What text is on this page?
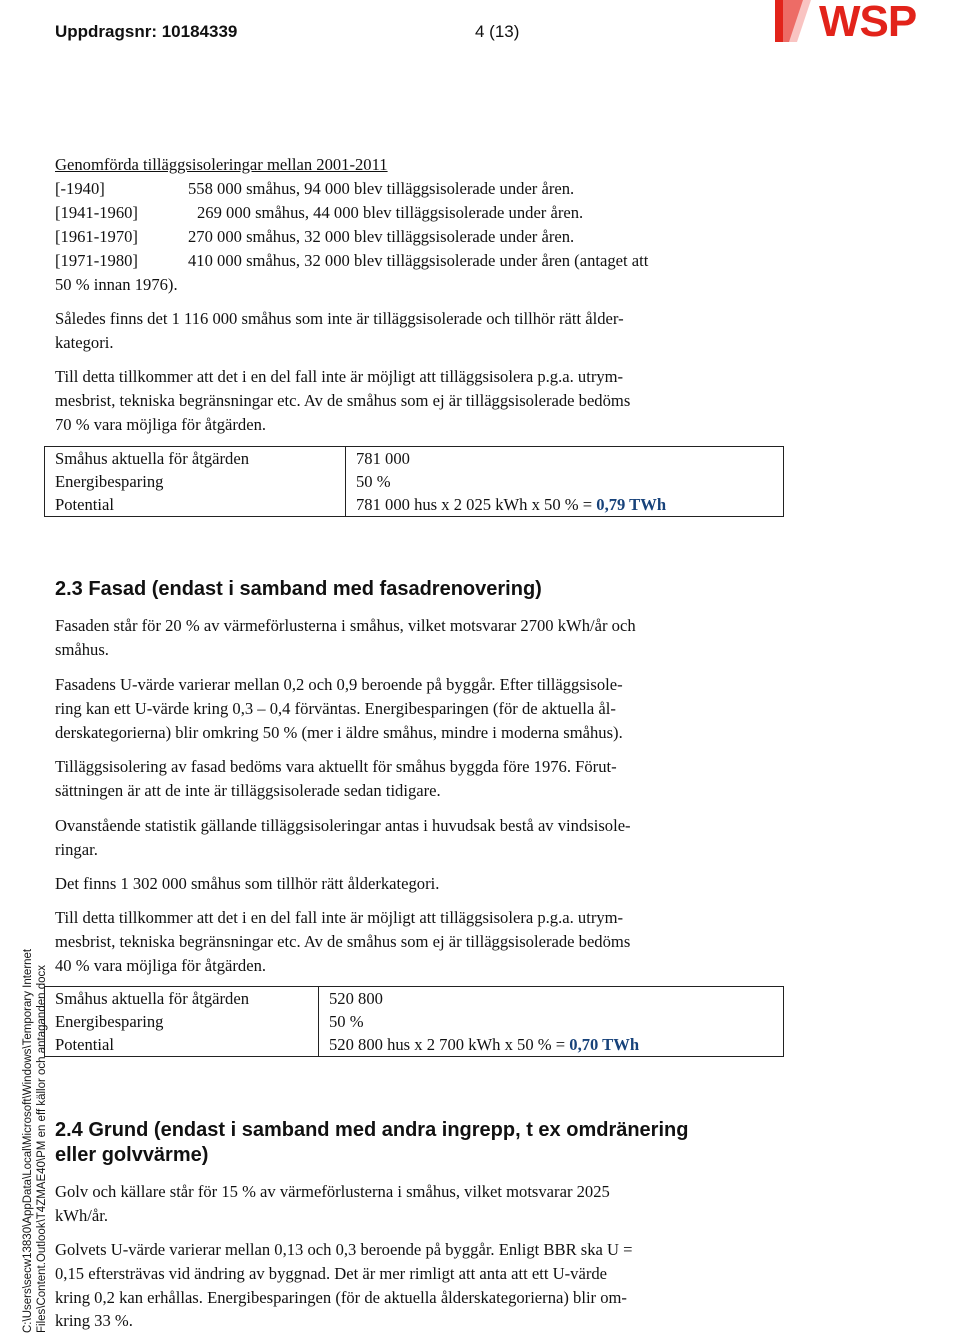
Uppdragsnr: 10184339	4 (13)	WSP
C:\Users\secw13830\AppData\Local\Microsoft\Windows\Temporary Internet Files\Content.Outlook\T4ZMAE40\PM en eff källor och antaganden.docx
Genomförda tilläggsisoleringar mellan 2001-2011
[-1940]	558 000 småhus, 94 000 blev tilläggsisolerade under åren.
[1941-1960]	269 000 småhus, 44 000 blev tilläggsisolerade under åren.
[1961-1970]	270 000 småhus, 32 000 blev tilläggsisolerade under åren.
[1971-1980]	410 000 småhus, 32 000 blev tilläggsisolerade under åren (antaget att
50 % innan 1976).
Således finns det 1 116 000 småhus som inte är tilläggsisolerade och tillhör rätt ålder-
kategori.
Till detta tillkommer att det i en del fall inte är möjligt att tilläggsisolera p.g.a. utrym-
mesbrist, tekniska begränsningar etc. Av de småhus som ej är tilläggsisolerade bedöms
70 % vara möjliga för åtgärden.
Småhus aktuella för åtgärden	781 000
Energibesparing	50 %
Potential	781 000 hus x 2 025 kWh x 50 % = 0,79 TWh
2.3 Fasad (endast i samband med fasadrenovering)
Fasaden står för 20 % av värmeförlusterna i småhus, vilket motsvarar 2700 kWh/år och
småhus.
Fasadens U-värde varierar mellan 0,2 och 0,9 beroende på byggår. Efter tilläggsisole-
ring kan ett U-värde kring 0,3 – 0,4 förväntas. Energibesparingen (för de aktuella ål-
derskategorierna) blir omkring 50 % (mer i äldre småhus, mindre i moderna småhus).
Tilläggsisolering av fasad bedöms vara aktuellt för småhus byggda före 1976. Förut-
sättningen är att de inte är tilläggsisolerade sedan tidigare.
Ovanstående statistik gällande tilläggsisoleringar antas i huvudsak bestå av vindsisole-
ringar.
Det finns 1 302 000 småhus som tillhör rätt ålderkategori.
Till detta tillkommer att det i en del fall inte är möjligt att tilläggsisolera p.g.a. utrym-
mesbrist, tekniska begränsningar etc. Av de småhus som ej är tilläggsisolerade bedöms
40 % vara möjliga för åtgärden.
Småhus aktuella för åtgärden	520 800
Energibesparing	50 %
Potential	520 800 hus x 2 700 kWh x 50 % = 0,70 TWh
2.4 Grund (endast i samband med andra ingrepp, t ex omdränering
eller golvvärme)
Golv och källare står för 15 % av värmeförlusterna i småhus, vilket motsvarar 2025
kWh/år.
Golvets U-värde varierar mellan 0,13 och 0,3 beroende på byggår. Enligt BBR ska U =
0,15 eftersträvas vid ändring av byggnad. Det är mer rimligt att anta att ett U-värde
kring 0,2 kan erhållas. Energibesparingen (för de aktuella ålderskategorierna) blir om-
kring 33 %.
